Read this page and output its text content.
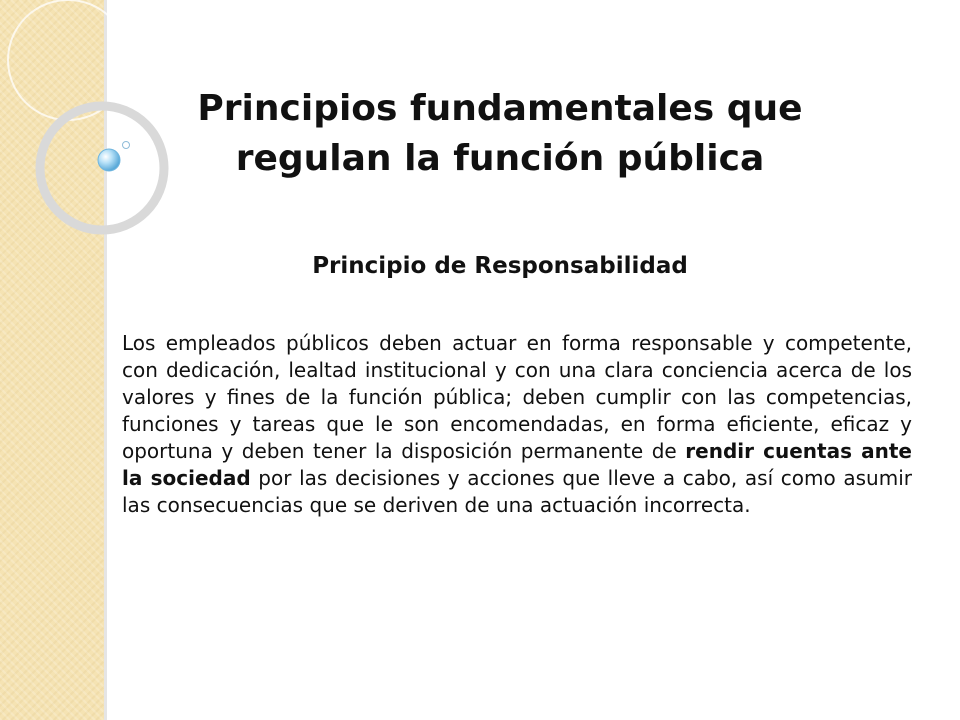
Principios fundamentales que regulan la función pública
Principio de Responsabilidad

Los empleados públicos deben actuar en forma responsable y competente, con dedicación, lealtad institucional y con una clara conciencia acerca de los valores y fines de la función pública; deben cumplir con las competencias, funciones y tareas que le son encomendadas, en forma eficiente, eficaz y oportuna y deben tener la disposición permanente de rendir cuentas ante la sociedad por las decisiones y acciones que lleve a cabo, así como asumir las consecuencias que se deriven de una actuación incorrecta.
